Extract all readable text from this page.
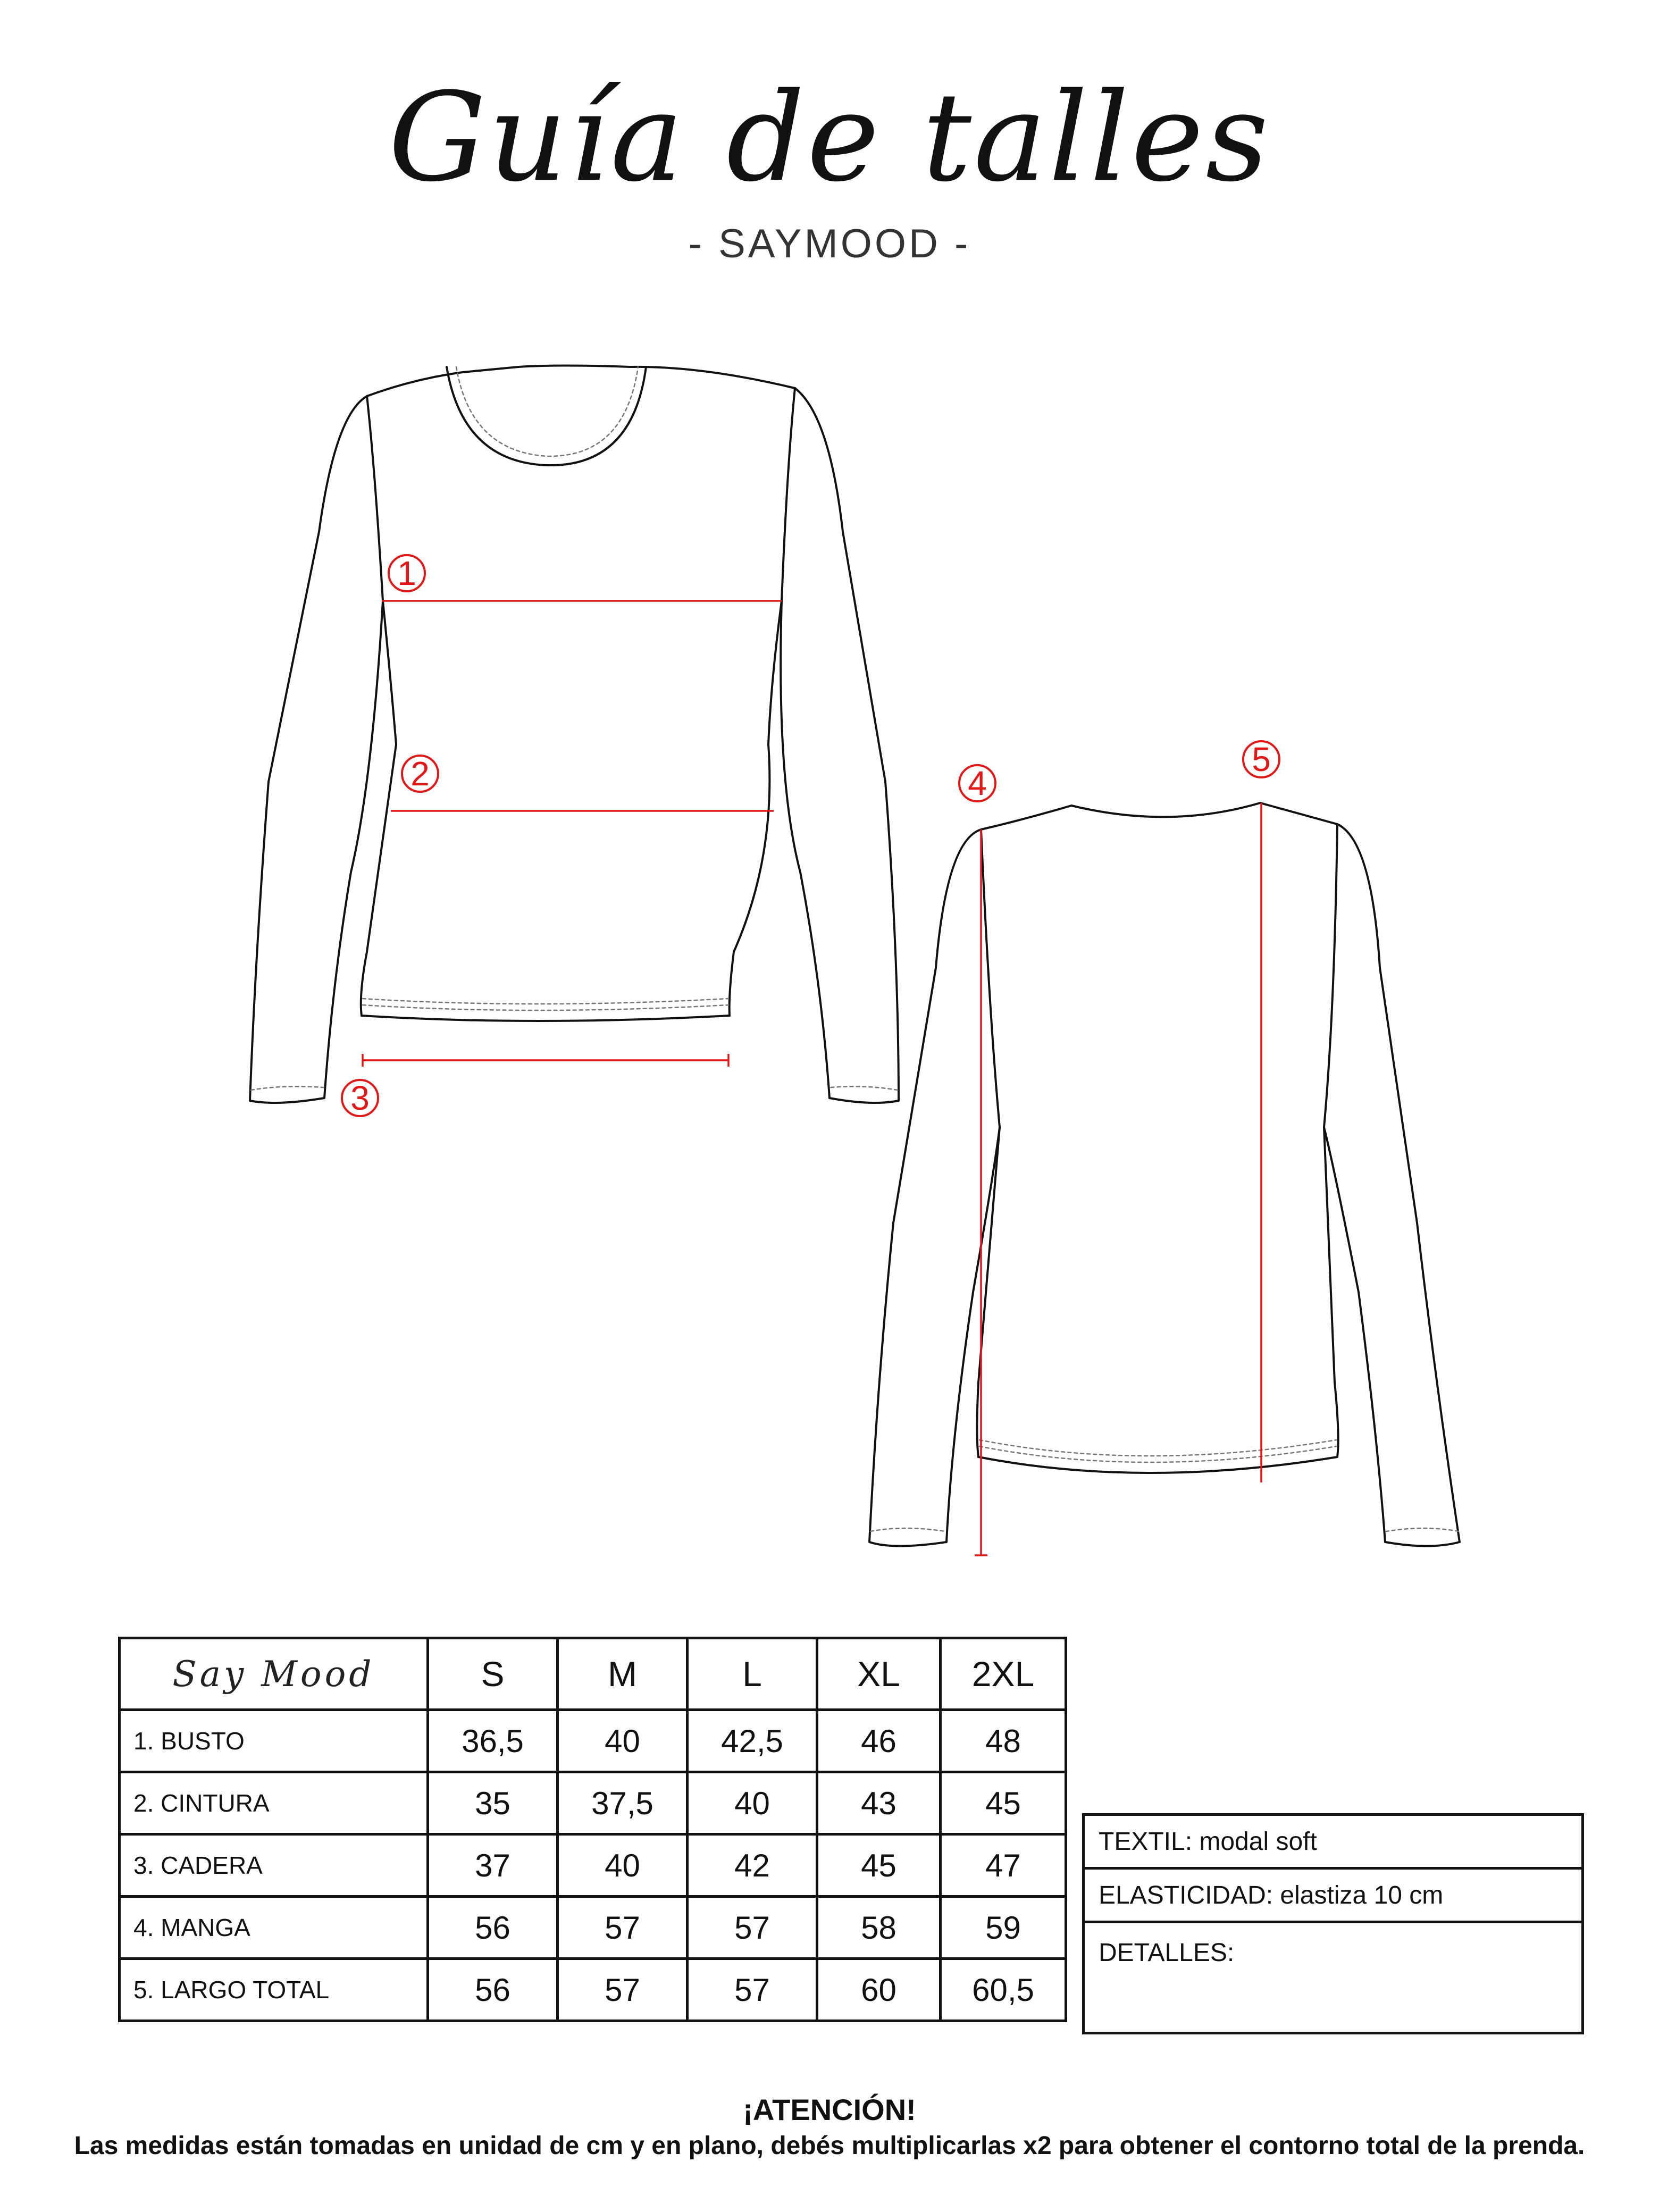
Guía de talles
- SAYMOOD -
1
2
3
4
5
Say Mood	S	M	L	XL	2XL
1. BUSTO	36,5	40	42,5	46	48
2. CINTURA	35	37,5	40	43	45
3. CADERA	37	40	42	45	47
4. MANGA	56	57	57	58	59
5. LARGO TOTAL	56	57	57	60	60,5
TEXTIL: modal soft
ELASTICIDAD: elastiza 10 cm
DETALLES:
¡ATENCIÓN!
Las medidas están tomadas en unidad de cm y en plano, debés multiplicarlas x2 para obtener el contorno total de la prenda.
